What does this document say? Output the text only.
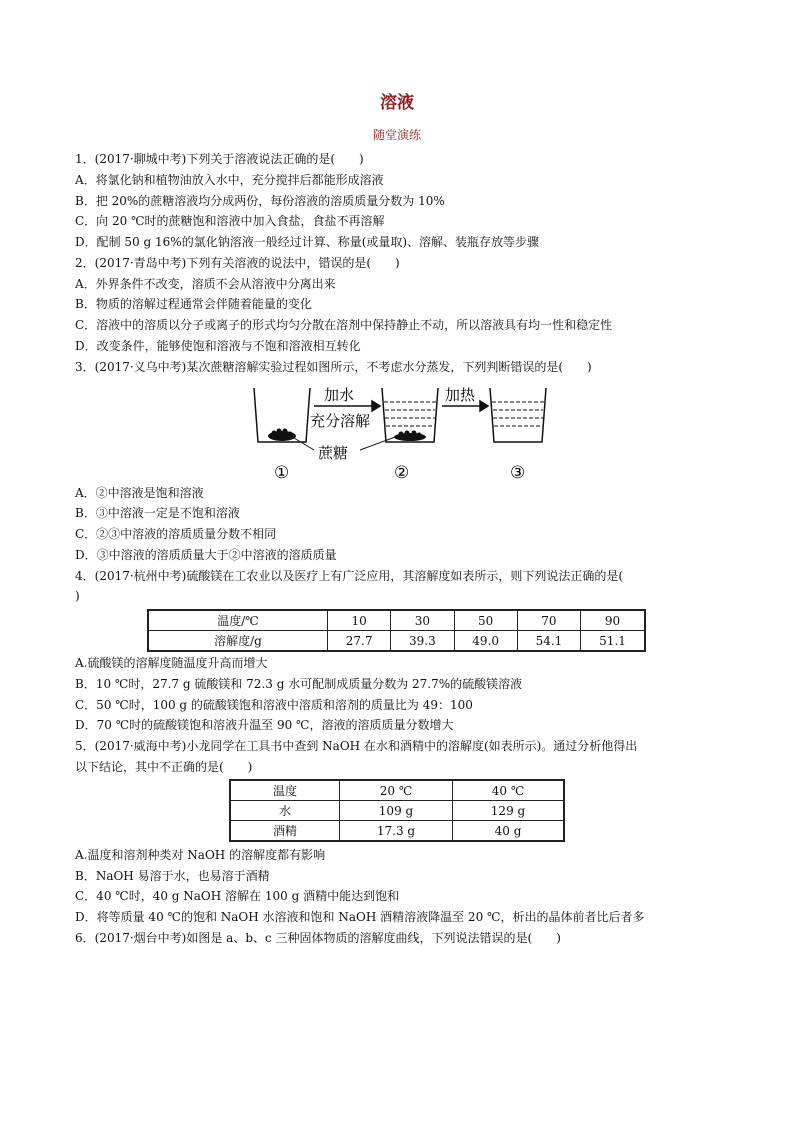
溶液
随堂演练
1．(2017·聊城中考)下列关于溶液说法正确的是(　　)
A．将氯化钠和植物油放入水中，充分搅拌后都能形成溶液
B．把 20%的蔗糖溶液均分成两份，每份溶液的溶质质量分数为 10%
C．向 20 ℃时的蔗糖饱和溶液中加入食盐，食盐不再溶解
D．配制 50 g 16%的氯化钠溶液一般经过计算、称量(或量取)、溶解、装瓶存放等步骤
2．(2017·青岛中考)下列有关溶液的说法中，错误的是(　　)
A．外界条件不改变，溶质不会从溶液中分离出来
B．物质的溶解过程通常会伴随着能量的变化
C．溶液中的溶质以分子或离子的形式均匀分散在溶剂中保持静止不动，所以溶液具有均一性和稳定性
D．改变条件，能够使饱和溶液与不饱和溶液相互转化
3．(2017·义乌中考)某次蔗糖溶解实验过程如图所示，不考虑水分蒸发，下列判断错误的是(　　)
加水
充分溶解
加热
蔗糖
①	②	③
A．②中溶液是饱和溶液
B．③中溶液一定是不饱和溶液
C．②③中溶液的溶质质量分数不相同
D．③中溶液的溶质质量大于②中溶液的溶质质量
4．(2017·杭州中考)硫酸镁在工农业以及医疗上有广泛应用，其溶解度如表所示，则下列说法正确的是(
)
温度/℃	10	30	50	70	90
溶解度/g	27.7	39.3	49.0	54.1	51.1
A.硫酸镁的溶解度随温度升高而增大
B．10 ℃时，27.7 g 硫酸镁和 72.3 g 水可配制成质量分数为 27.7%的硫酸镁溶液
C．50 ℃时，100 g 的硫酸镁饱和溶液中溶质和溶剂的质量比为 49：100
D．70 ℃时的硫酸镁饱和溶液升温至 90 ℃，溶液的溶质质量分数增大
5．(2017·威海中考)小龙同学在工具书中查到 NaOH 在水和酒精中的溶解度(如表所示)。通过分析他得出
以下结论，其中不正确的是(　　)
温度	20 ℃	40 ℃
水	109 g	129 g
酒精	17.3 g	40 g
A.温度和溶剂种类对 NaOH 的溶解度都有影响
B．NaOH 易溶于水，也易溶于酒精
C．40 ℃时，40 g NaOH 溶解在 100 g 酒精中能达到饱和
D．将等质量 40 ℃的饱和 NaOH 水溶液和饱和 NaOH 酒精溶液降温至 20 ℃，析出的晶体前者比后者多
6．(2017·烟台中考)如图是 a、b、c 三种固体物质的溶解度曲线，下列说法错误的是(　　)
